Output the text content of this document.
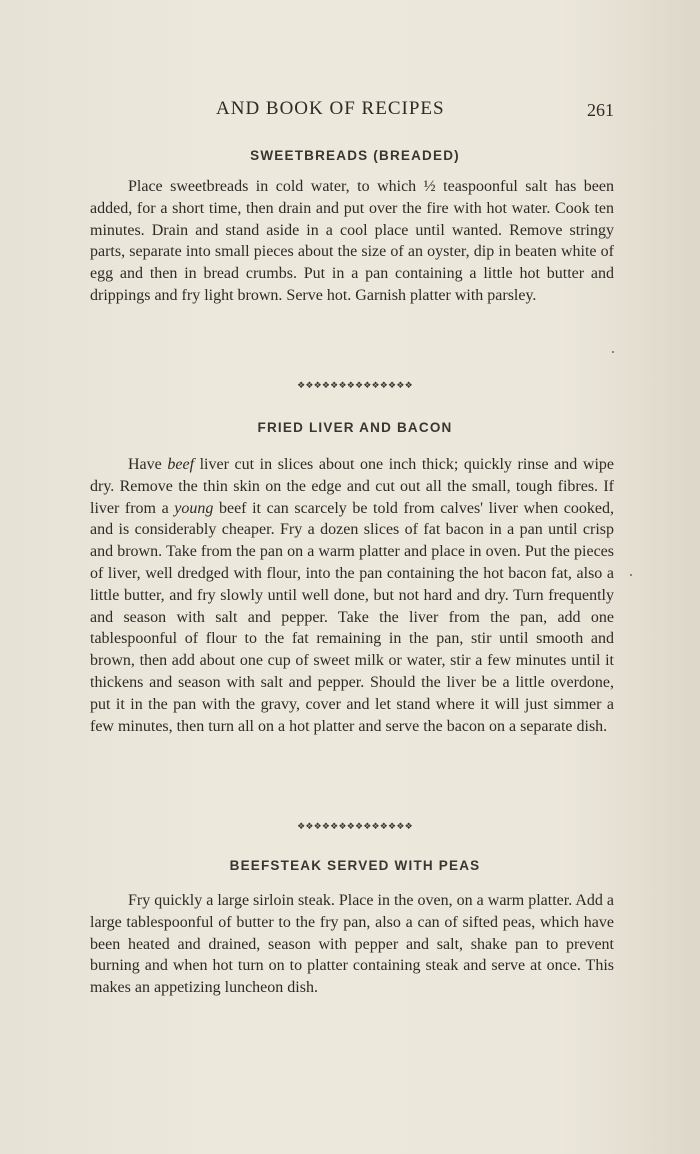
AND BOOK OF RECIPES	261
SWEETBREADS (BREADED)

Place sweetbreads in cold water, to which ½ teaspoonful salt has been added, for a short time, then drain and put over the fire with hot water. Cook ten minutes. Drain and stand aside in a cool place until wanted. Remove stringy parts, separate into small pieces about the size of an oyster, dip in beaten white of egg and then in bread crumbs. Put in a pan containing a little hot butter and drippings and fry light brown. Serve hot. Garnish platter with parsley.

❖❖❖❖❖❖❖❖❖❖❖❖❖❖
FRIED LIVER AND BACON

Have beef liver cut in slices about one inch thick; quickly rinse and wipe dry. Remove the thin skin on the edge and cut out all the small, tough fibres. If liver from a young beef it can scarcely be told from calves' liver when cooked, and is considerably cheaper. Fry a dozen slices of fat bacon in a pan until crisp and brown. Take from the pan on a warm platter and place in oven. Put the pieces of liver, well dredged with flour, into the pan containing the hot bacon fat, also a little butter, and fry slowly until well done, but not hard and dry. Turn frequently and season with salt and pepper. Take the liver from the pan, add one tablespoonful of flour to the fat remaining in the pan, stir until smooth and brown, then add about one cup of sweet milk or water, stir a few minutes until it thickens and season with salt and pepper. Should the liver be a little overdone, put it in the pan with the gravy, cover and let stand where it will just simmer a few minutes, then turn all on a hot platter and serve the bacon on a separate dish.

❖❖❖❖❖❖❖❖❖❖❖❖❖❖
BEEFSTEAK SERVED WITH PEAS

Fry quickly a large sirloin steak. Place in the oven, on a warm platter. Add a large tablespoonful of butter to the fry pan, also a can of sifted peas, which have been heated and drained, season with pepper and salt, shake pan to prevent burning and when hot turn on to platter containing steak and serve at once. This makes an appetizing luncheon dish.
